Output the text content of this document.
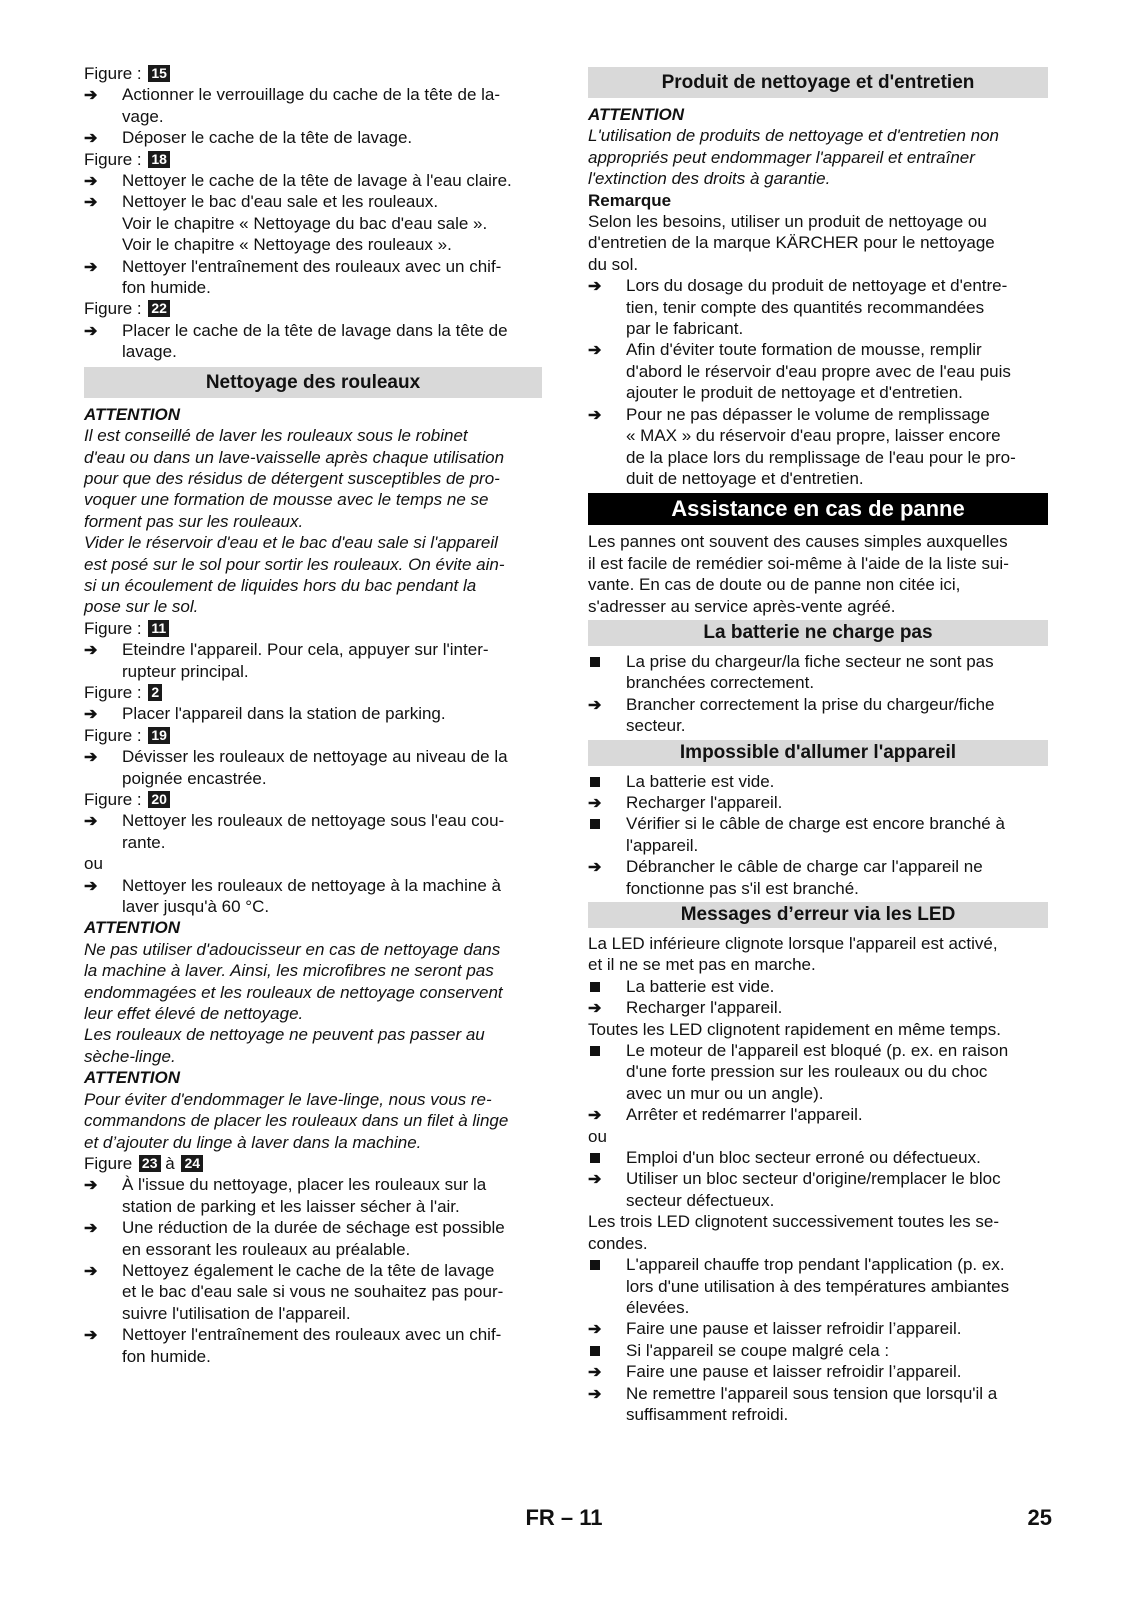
Figure : 15
➔
Actionner le verrouillage du cache de la tête de la-
vage.
➔
Déposer le cache de la tête de lavage.
Figure : 18
➔
Nettoyer le cache de la tête de lavage à l'eau claire.
➔
Nettoyer le bac d'eau sale et les rouleaux.
Voir le chapitre « Nettoyage du bac d'eau sale ».
Voir le chapitre « Nettoyage des rouleaux ».
➔
Nettoyer l'entraînement des rouleaux avec un chif-
fon humide.
Figure : 22
➔
Placer le cache de la tête de lavage dans la tête de
lavage.
Nettoyage des rouleaux
ATTENTION
Il est conseillé de laver les rouleaux sous le robinet
d'eau ou dans un lave-vaisselle après chaque utilisation
pour que des résidus de détergent susceptibles de pro-
voquer une formation de mousse avec le temps ne se
forment pas sur les rouleaux.
Vider le réservoir d'eau et le bac d'eau sale si l'appareil
est posé sur le sol pour sortir les rouleaux. On évite ain-
si un écoulement de liquides hors du bac pendant la
pose sur le sol.
Figure : 11
➔
Eteindre l'appareil. Pour cela, appuyer sur l'inter-
rupteur principal.
Figure : 2
➔
Placer l'appareil dans la station de parking.
Figure : 19
➔
Dévisser les rouleaux de nettoyage au niveau de la
poignée encastrée.
Figure : 20
➔
Nettoyer les rouleaux de nettoyage sous l'eau cou-
rante.
ou
➔
Nettoyer les rouleaux de nettoyage à la machine à
laver jusqu'à 60 °C.
ATTENTION
Ne pas utiliser d'adoucisseur en cas de nettoyage dans
la machine à laver. Ainsi, les microfibres ne seront pas
endommagées et les rouleaux de nettoyage conservent
leur effet élevé de nettoyage.
Les rouleaux de nettoyage ne peuvent pas passer au
sèche-linge.
ATTENTION
Pour éviter d'endommager le lave-linge, nous vous re-
commandons de placer les rouleaux dans un filet à linge
et d’ajouter du linge à laver dans la machine.
Figure 23 à 24
➔
À l'issue du nettoyage, placer les rouleaux sur la
station de parking et les laisser sécher à l'air.
➔
Une réduction de la durée de séchage est possible
en essorant les rouleaux au préalable.
➔
Nettoyez également le cache de la tête de lavage
et le bac d'eau sale si vous ne souhaitez pas pour-
suivre l'utilisation de l'appareil.
➔
Nettoyer l'entraînement des rouleaux avec un chif-
fon humide.
Produit de nettoyage et d'entretien
ATTENTION
L'utilisation de produits de nettoyage et d'entretien non
appropriés peut endommager l'appareil et entraîner
l'extinction des droits à garantie.
Remarque
Selon les besoins, utiliser un produit de nettoyage ou
d'entretien de la marque KÄRCHER pour le nettoyage
du sol.
➔
Lors du dosage du produit de nettoyage et d'entre-
tien, tenir compte des quantités recommandées
par le fabricant.
➔
Afin d'éviter toute formation de mousse, remplir
d'abord le réservoir d'eau propre avec de l'eau puis
ajouter le produit de nettoyage et d'entretien.
➔
Pour ne pas dépasser le volume de remplissage
« MAX » du réservoir d'eau propre, laisser encore
de la place lors du remplissage de l'eau pour le pro-
duit de nettoyage et d'entretien.
Assistance en cas de panne
Les pannes ont souvent des causes simples auxquelles
il est facile de remédier soi-même à l'aide de la liste sui-
vante. En cas de doute ou de panne non citée ici,
s'adresser au service après-vente agréé.
La batterie ne charge pas
La prise du chargeur/la fiche secteur ne sont pas
branchées correctement.
➔
Brancher correctement la prise du chargeur/fiche
secteur.
Impossible d'allumer l'appareil
La batterie est vide.
➔
Recharger l'appareil.
Vérifier si le câble de charge est encore branché à
l'appareil.
➔
Débrancher le câble de charge car l'appareil ne
fonctionne pas s'il est branché.
Messages d’erreur via les LED
La LED inférieure clignote lorsque l'appareil est activé,
et il ne se met pas en marche.
La batterie est vide.
➔
Recharger l'appareil.
Toutes les LED clignotent rapidement en même temps.
Le moteur de l'appareil est bloqué (p. ex. en raison
d'une forte pression sur les rouleaux ou du choc
avec un mur ou un angle).
➔
Arrêter et redémarrer l'appareil.
ou
Emploi d'un bloc secteur erroné ou défectueux.
➔
Utiliser un bloc secteur d'origine/remplacer le bloc
secteur défectueux.
Les trois LED clignotent successivement toutes les se-
condes.
L'appareil chauffe trop pendant l'application (p. ex.
lors d'une utilisation à des températures ambiantes
élevées.
➔
Faire une pause et laisser refroidir l’appareil.
Si l'appareil se coupe malgré cela :
➔
Faire une pause et laisser refroidir l’appareil.
➔
Ne remettre l'appareil sous tension que lorsqu'il a
suffisamment refroidi.
FR – 11	25
